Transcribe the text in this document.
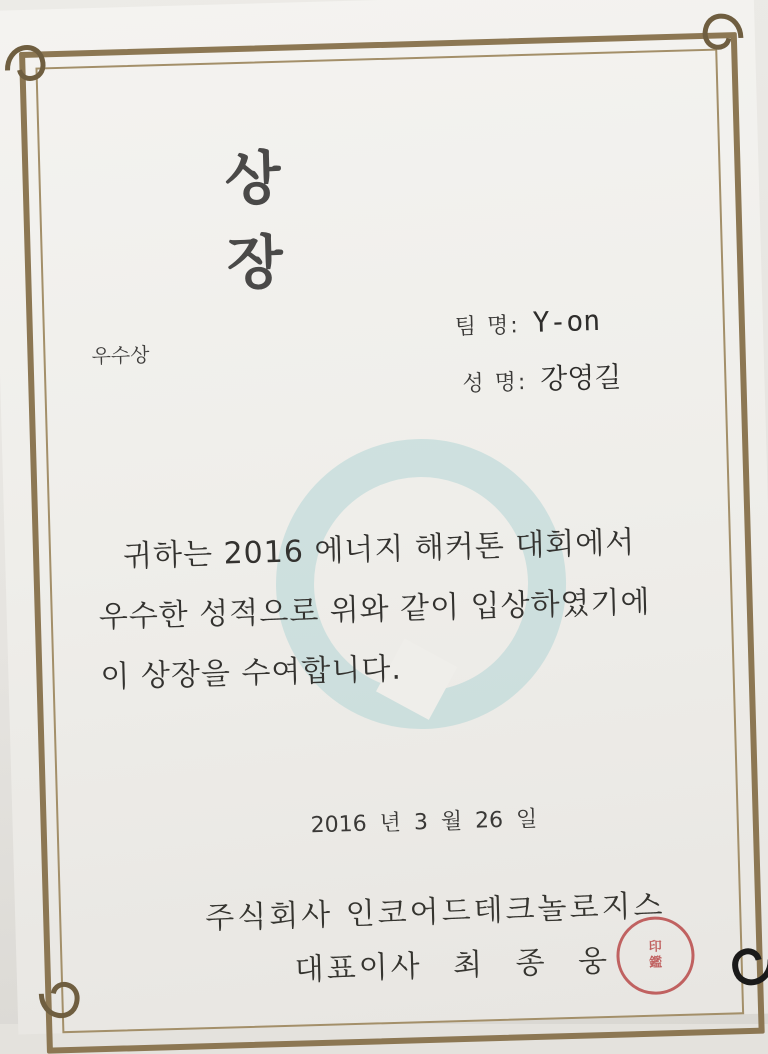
상 장
우수상
팀 명: Y-on
성 명: 강영길
귀하는 2016 에너지 해커톤 대회에서
우수한 성적으로 위와 같이 입상하였기에
이 상장을 수여합니다.
2016 년 3 월 26 일
주식회사 인코어드테크놀로지스
대표이사 최 종 웅	印
鑑
